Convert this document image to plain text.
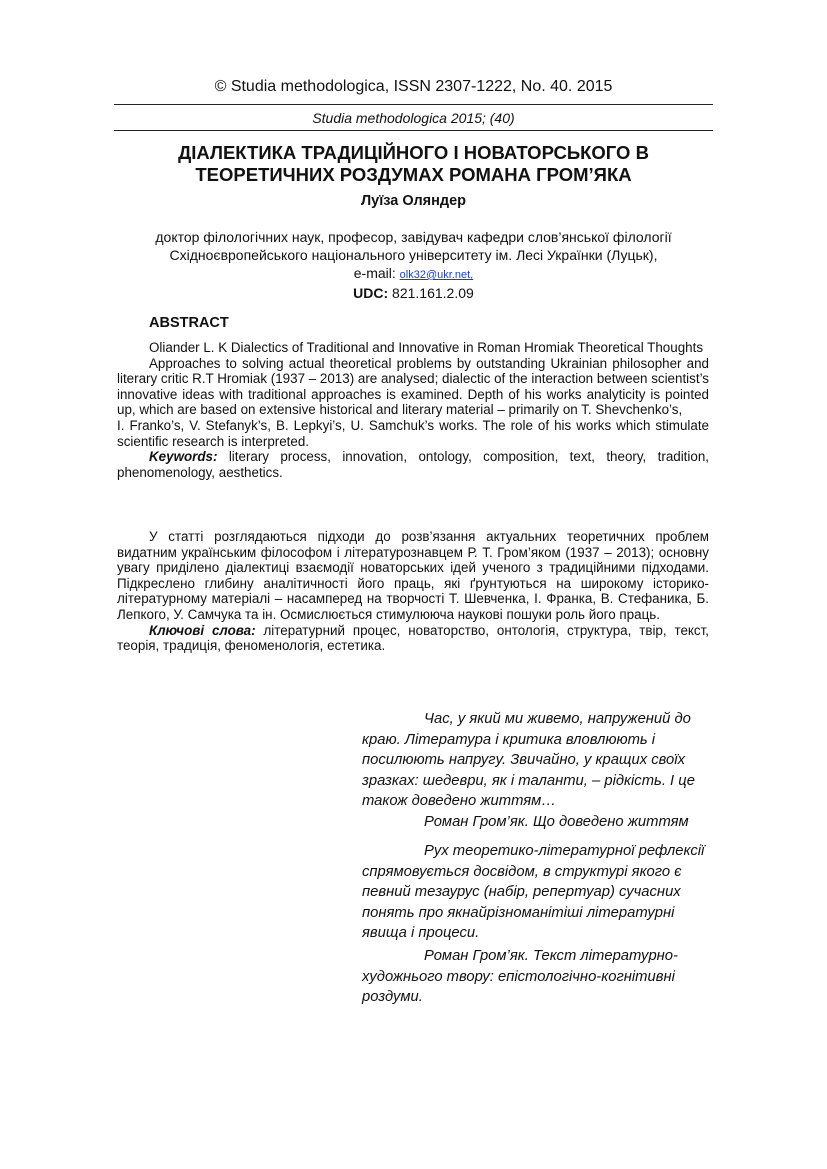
© Studia methodologica, ISSN 2307-1222, No. 40. 2015
Studia methodologica 2015; (40)
ДІАЛЕКТИКА ТРАДИЦІЙНОГО І НОВАТОРСЬКОГО В
ТЕОРЕТИЧНИХ РОЗДУМАХ РОМАНА ГРОМ’ЯКА
Луїза Оляндер
доктор філологічних наук, професор, завідувач кафедри слов’янської філології
Східноєвропейського національного університету ім. Лесі Українки (Луцьк),
e-mail: olk32@ukr.net,
UDC: 821.161.2.09
ABSTRACT

Oliander L. K Dialectics of Traditional and Innovative in Roman Hromiak Theoretical Thoughts

Approaches to solving actual theoretical problems by outstanding Ukrainian philosopher and literary critic R.T Hromiak (1937 – 2013) are analysed; dialectic of the interaction between scientist’s innovative ideas with traditional approaches is examined. Depth of his works analyticity is pointed up, which are based on extensive historical and literary material – primarily on T. Shevchenko’s,

I. Franko’s, V. Stefanyk’s, B. Lepkyi’s, U. Samchuk’s works. The role of his works which stimulate scientific research is interpreted.

Keywords: literary process, innovation, ontology, composition, text, theory, tradition, phenomenology, aesthetics.

У статті розглядаються підходи до розв’язання актуальних теоретичних проблем видатним українським філософом і літературознавцем Р. Т. Гром’яком (1937 – 2013); основну увагу приділено діалектиці взаємодії новаторських ідей ученого з традиційними підходами. Підкреслено глибину аналітичності його праць, які ґрунтуються на широкому історико-літературному матеріалі – насамперед на творчості Т. Шевченка, І. Франка, В. Стефаника, Б. Лепкого, У. Самчука та ін. Осмислюється стимулююча наукові пошуки роль його праць.

Ключові слова: літературний процес, новаторство, онтологія, структура, твір, текст, теорія, традиція, феноменологія, естетика.

Час, у який ми живемо, напружений до краю. Література і критика вловлюють і посилюють напругу. Звичайно, у кращих своїх зразках: шедеври, як і таланти, – рідкість. І це також доведено життям…

Роман Гром’як. Що доведено життям

Рух теоретико-літературної рефлексії спрямовується досвідом, в структурі якого є певний тезаурус (набір, репертуар) сучасних понять про якнайрізноманітіші літературні явища і процеси.

Роман Гром’як. Текст літературно-художнього твору: епістологічно-когнітивні роздуми.
